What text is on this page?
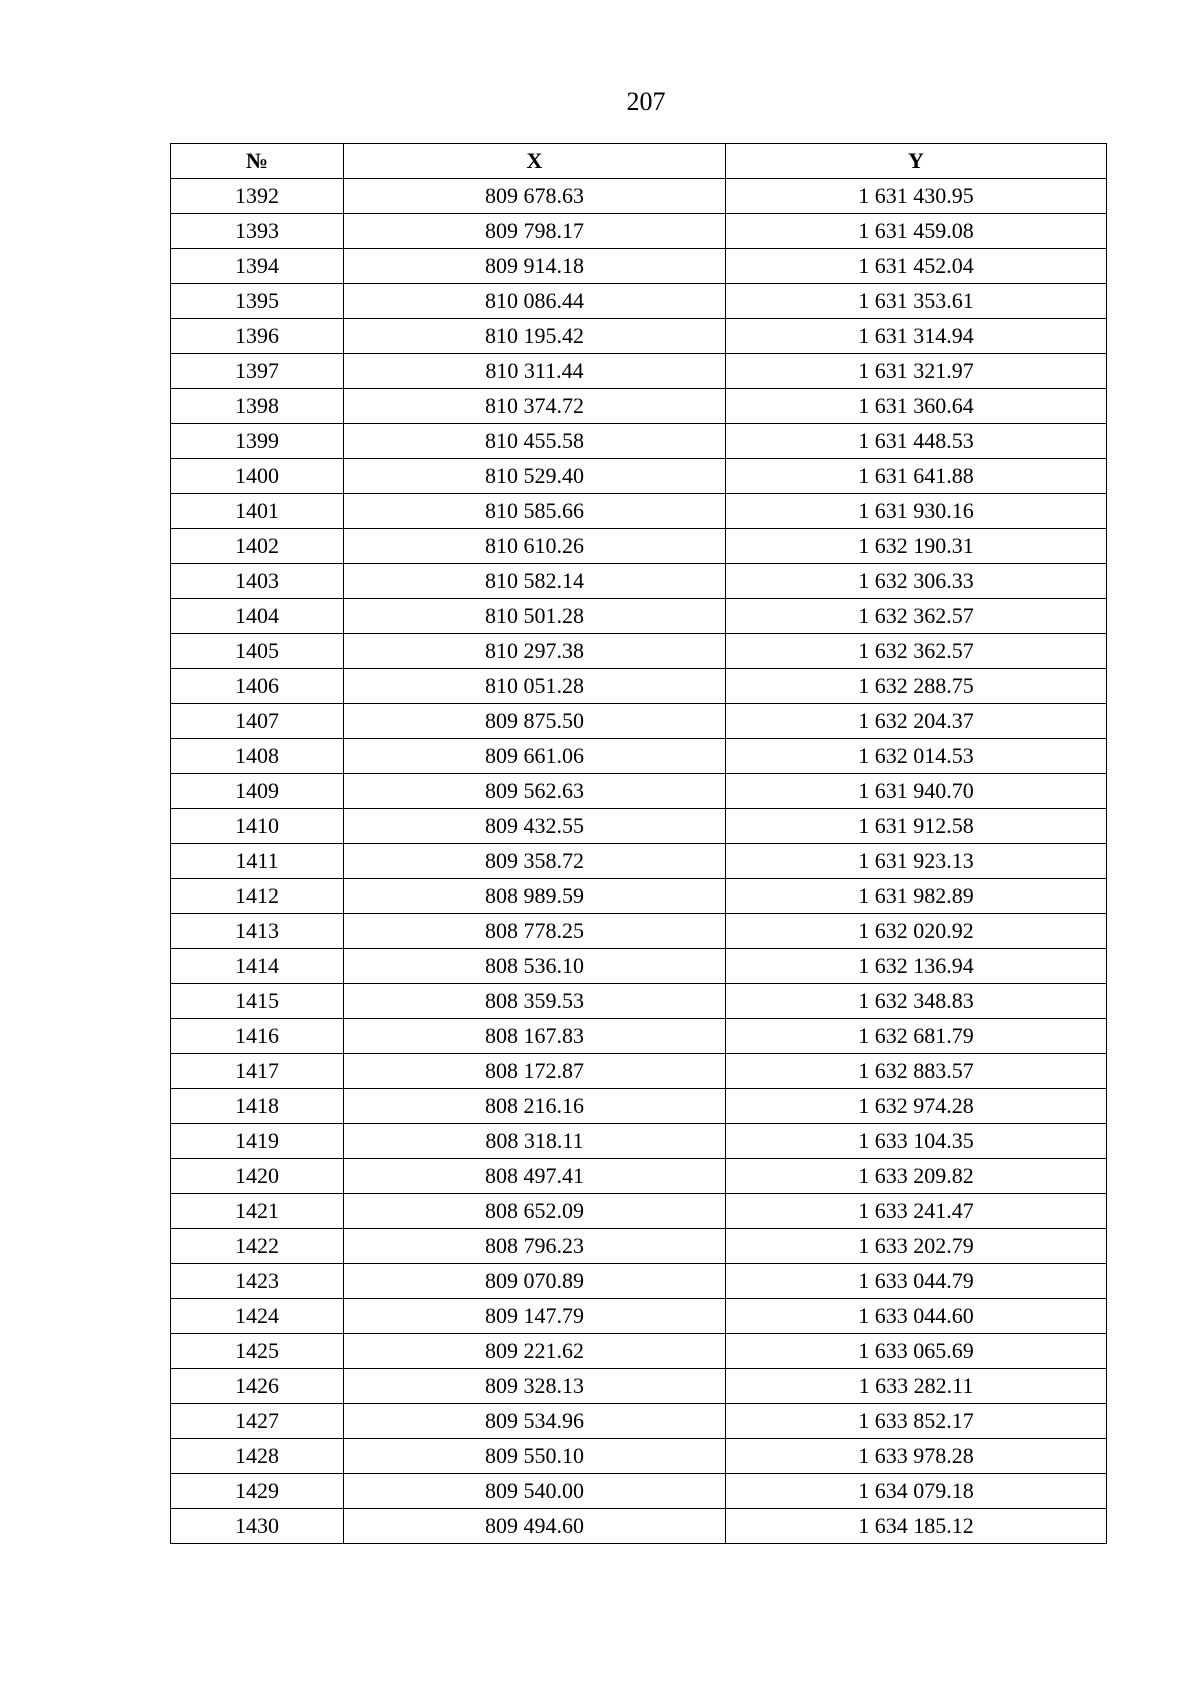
207
№	X	Y
1392	809 678.63	1 631 430.95
1393	809 798.17	1 631 459.08
1394	809 914.18	1 631 452.04
1395	810 086.44	1 631 353.61
1396	810 195.42	1 631 314.94
1397	810 311.44	1 631 321.97
1398	810 374.72	1 631 360.64
1399	810 455.58	1 631 448.53
1400	810 529.40	1 631 641.88
1401	810 585.66	1 631 930.16
1402	810 610.26	1 632 190.31
1403	810 582.14	1 632 306.33
1404	810 501.28	1 632 362.57
1405	810 297.38	1 632 362.57
1406	810 051.28	1 632 288.75
1407	809 875.50	1 632 204.37
1408	809 661.06	1 632 014.53
1409	809 562.63	1 631 940.70
1410	809 432.55	1 631 912.58
1411	809 358.72	1 631 923.13
1412	808 989.59	1 631 982.89
1413	808 778.25	1 632 020.92
1414	808 536.10	1 632 136.94
1415	808 359.53	1 632 348.83
1416	808 167.83	1 632 681.79
1417	808 172.87	1 632 883.57
1418	808 216.16	1 632 974.28
1419	808 318.11	1 633 104.35
1420	808 497.41	1 633 209.82
1421	808 652.09	1 633 241.47
1422	808 796.23	1 633 202.79
1423	809 070.89	1 633 044.79
1424	809 147.79	1 633 044.60
1425	809 221.62	1 633 065.69
1426	809 328.13	1 633 282.11
1427	809 534.96	1 633 852.17
1428	809 550.10	1 633 978.28
1429	809 540.00	1 634 079.18
1430	809 494.60	1 634 185.12
